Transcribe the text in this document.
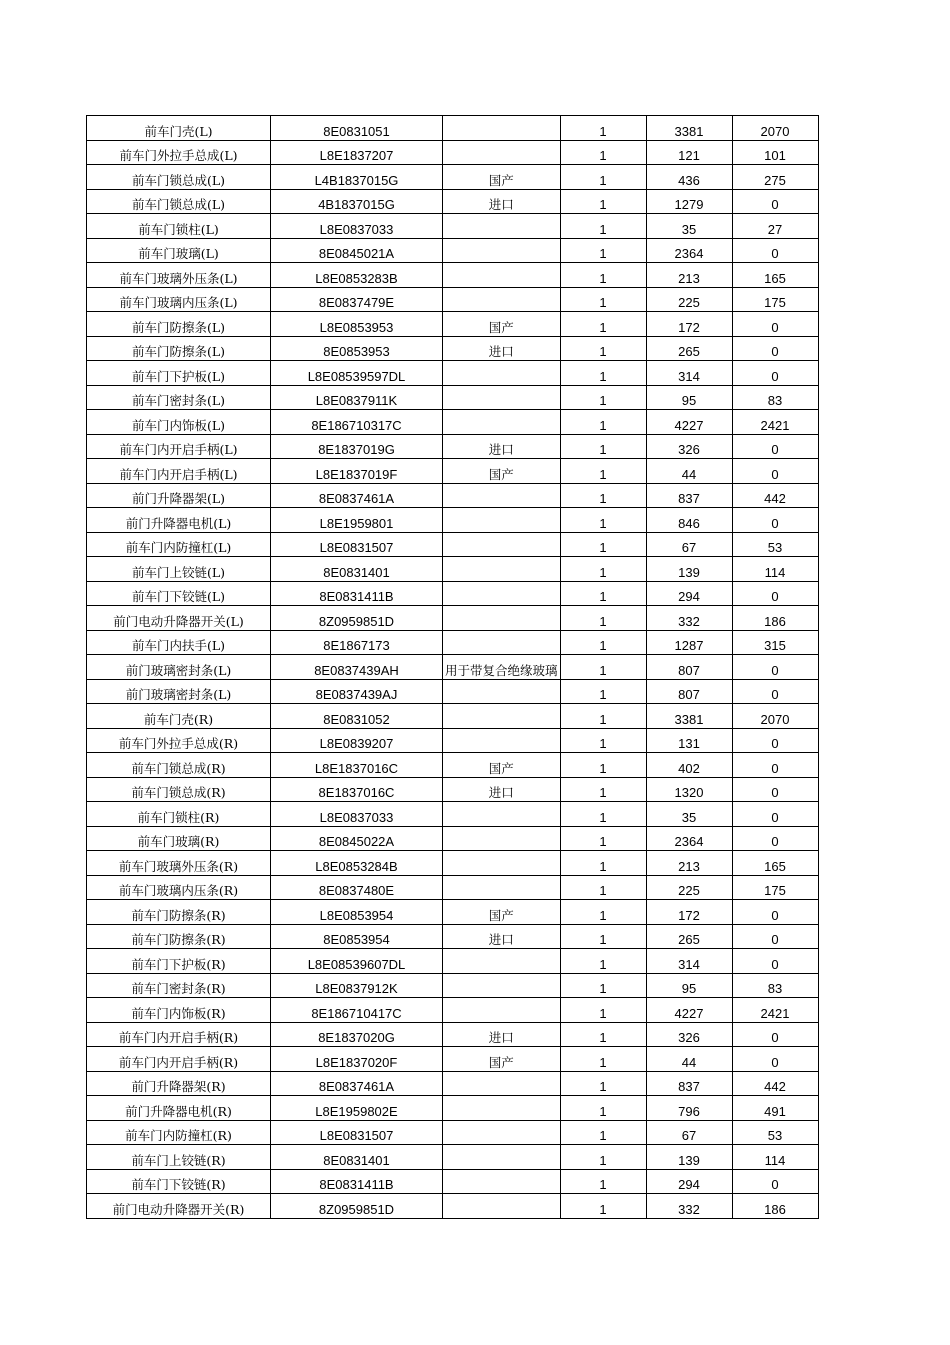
前车门壳(L)	8E0831051		1	3381	2070
前车门外拉手总成(L)	L8E1837207		1	121	101
前车门锁总成(L)	L4B1837015G	国产	1	436	275
前车门锁总成(L)	4B1837015G	进口	1	1279	0
前车门锁柱(L)	L8E0837033		1	35	27
前车门玻璃(L)	8E0845021A		1	2364	0
前车门玻璃外压条(L)	L8E0853283B		1	213	165
前车门玻璃内压条(L)	8E0837479E		1	225	175
前车门防擦条(L)	L8E0853953	国产	1	172	0
前车门防擦条(L)	8E0853953	进口	1	265	0
前车门下护板(L)	L8E08539597DL		1	314	0
前车门密封条(L)	L8E0837911K		1	95	83
前车门内饰板(L)	8E186710317C		1	4227	2421
前车门内开启手柄(L)	8E1837019G	进口	1	326	0
前车门内开启手柄(L)	L8E1837019F	国产	1	44	0
前门升降器架(L)	8E0837461A		1	837	442
前门升降器电机(L)	L8E1959801		1	846	0
前车门内防撞杠(L)	L8E0831507		1	67	53
前车门上铰链(L)	8E0831401		1	139	114
前车门下铰链(L)	8E0831411B		1	294	0
前门电动升降器开关(L)	8Z0959851D		1	332	186
前车门内扶手(L)	8E1867173		1	1287	315
前门玻璃密封条(L)	8E0837439AH	用于带复合绝缘玻璃	1	807	0
前门玻璃密封条(L)	8E0837439AJ		1	807	0
前车门壳(R)	8E0831052		1	3381	2070
前车门外拉手总成(R)	L8E0839207		1	131	0
前车门锁总成(R)	L8E1837016C	国产	1	402	0
前车门锁总成(R)	8E1837016C	进口	1	1320	0
前车门锁柱(R)	L8E0837033		1	35	0
前车门玻璃(R)	8E0845022A		1	2364	0
前车门玻璃外压条(R)	L8E0853284B		1	213	165
前车门玻璃内压条(R)	8E0837480E		1	225	175
前车门防擦条(R)	L8E0853954	国产	1	172	0
前车门防擦条(R)	8E0853954	进口	1	265	0
前车门下护板(R)	L8E08539607DL		1	314	0
前车门密封条(R)	L8E0837912K		1	95	83
前车门内饰板(R)	8E186710417C		1	4227	2421
前车门内开启手柄(R)	8E1837020G	进口	1	326	0
前车门内开启手柄(R)	L8E1837020F	国产	1	44	0
前门升降器架(R)	8E0837461A		1	837	442
前门升降器电机(R)	L8E1959802E		1	796	491
前车门内防撞杠(R)	L8E0831507		1	67	53
前车门上铰链(R)	8E0831401		1	139	114
前车门下铰链(R)	8E0831411B		1	294	0
前门电动升降器开关(R)	8Z0959851D		1	332	186
